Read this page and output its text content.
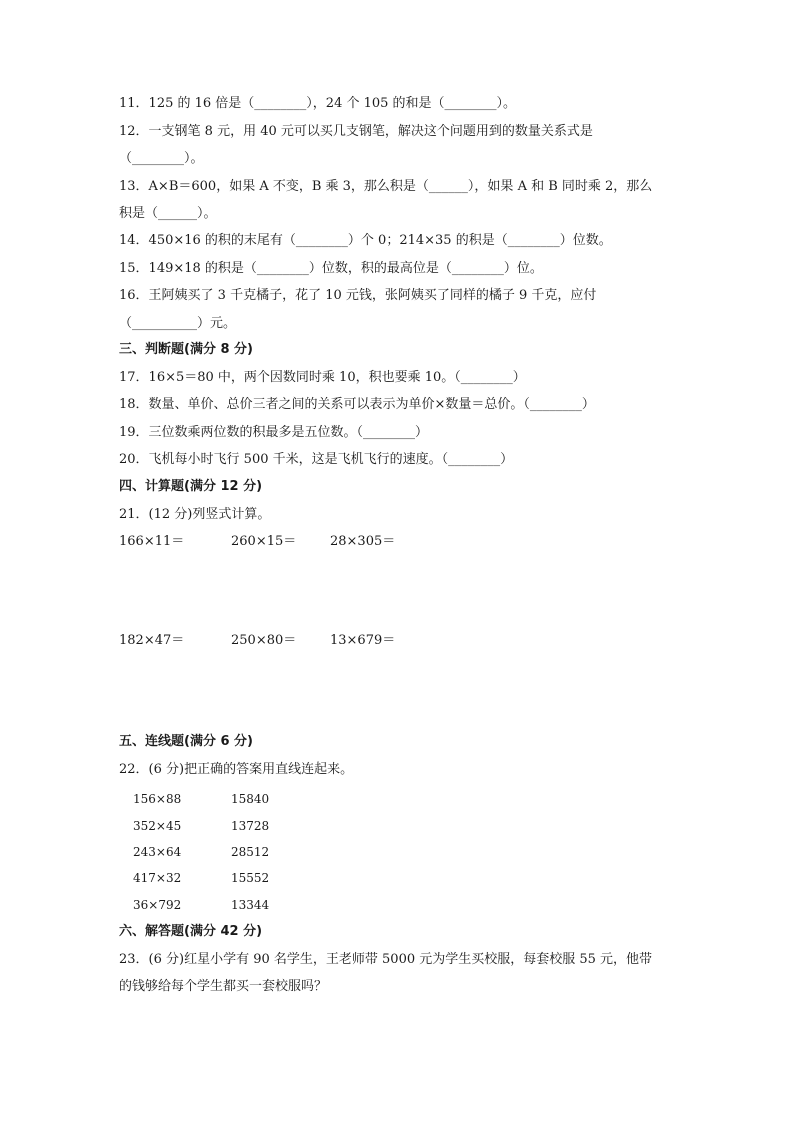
11．125 的 16 倍是（________），24 个 105 的和是（________）。
12．一支钢笔 8 元，用 40 元可以买几支钢笔，解决这个问题用到的数量关系式是
（________）。
13．A×B＝600，如果 A 不变，B 乘 3，那么积是（______），如果 A 和 B 同时乘 2，那么
积是（______）。
14．450×16 的积的末尾有（________）个 0；214×35 的积是（________）位数。
15．149×18 的积是（________）位数，积的最高位是（________）位。
16．王阿姨买了 3 千克橘子，花了 10 元钱，张阿姨买了同样的橘子 9 千克，应付
（__________）元。
三、判断题(满分 8 分)
17．16×5＝80 中，两个因数同时乘 10，积也要乘 10。（________）
18．数量、单价、总价三者之间的关系可以表示为单价×数量＝总价。（________）
19．三位数乘两位数的积最多是五位数。（________）
20．飞机每小时飞行 500 千米，这是飞机飞行的速度。（________）
四、计算题(满分 12 分)
21．(12 分)列竖式计算。
166×11＝	260×15＝	28×305＝
182×47＝	250×80＝	13×679＝
五、连线题(满分 6 分)
22．(6 分)把正确的答案用直线连起来。
156×88	15840
352×45	13728
243×64	28512
417×32	15552
36×792	13344
六、解答题(满分 42 分)
23．(6 分)红星小学有 90 名学生，王老师带 5000 元为学生买校服，每套校服 55 元，他带
的钱够给每个学生都买一套校服吗？
